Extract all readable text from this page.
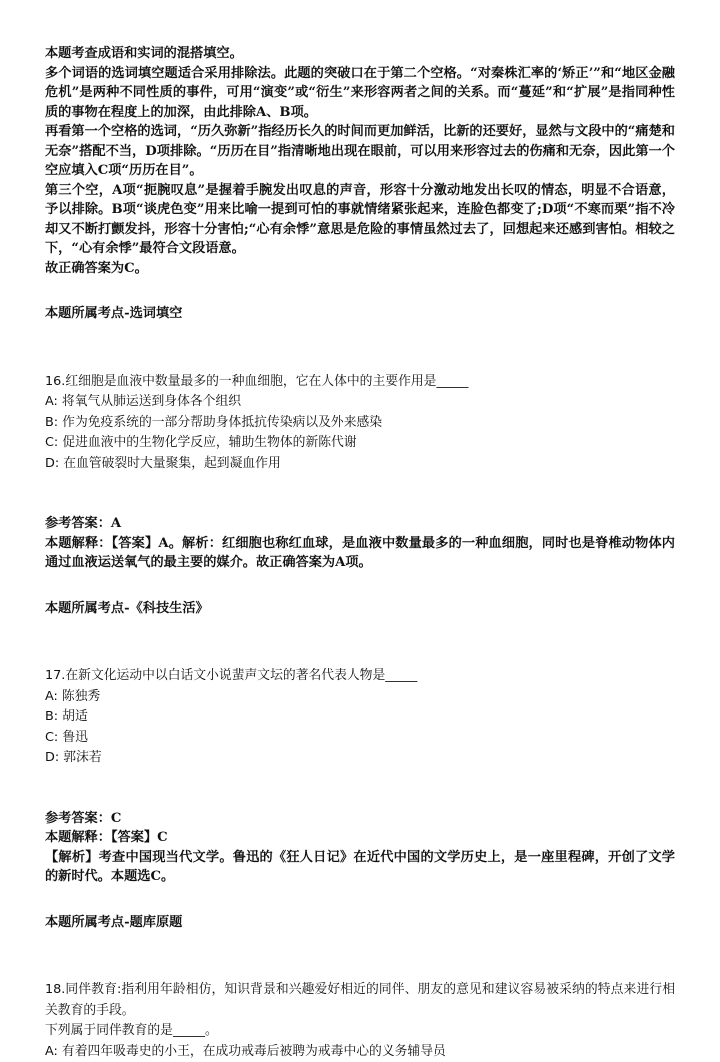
本题考查成语和实词的混搭填空。

多个词语的选词填空题适合采用排除法。此题的突破口在于第二个空格。“对秦株汇率的‘矫正’”和“地区金融危机”是两种不同性质的事件，可用“演变”或“衍生”来形容两者之间的关系。而“蔓延”和“扩展”是指同种性质的事物在程度上的加深，由此排除A、B项。

再看第一个空格的选词，“历久弥新”指经历长久的时间而更加鲜活，比新的还要好，显然与文段中的“痛楚和无奈”搭配不当，D项排除。“历历在目”指清晰地出现在眼前，可以用来形容过去的伤痛和无奈，因此第一个空应填入C项“历历在目”。

第三个空，A项“扼腕叹息”是握着手腕发出叹息的声音，形容十分激动地发出长叹的情态，明显不合语意，予以排除。B项“谈虎色变”用来比喻一提到可怕的事就情绪紧张起来，连脸色都变了;D项“不寒而栗”指不冷却又不断打颤发抖，形容十分害怕;“心有余悸”意思是危险的事情虽然过去了，回想起来还感到害怕。相较之下，“心有余悸”最符合文段语意。

故正确答案为C。

本题所属考点-选词填空

16.红细胞是血液中数量最多的一种血细胞，它在人体中的主要作用是_____

A: 将氧气从肺运送到身体各个组织

B: 作为免疫系统的一部分帮助身体抵抗传染病以及外来感染

C: 促进血液中的生物化学反应，辅助生物体的新陈代谢

D: 在血管破裂时大量聚集，起到凝血作用

参考答案：A

本题解释：【答案】A。解析：红细胞也称红血球，是血液中数量最多的一种血细胞，同时也是脊椎动物体内通过血液运送氧气的最主要的媒介。故正确答案为A项。

本题所属考点-《科技生活》

17.在新文化运动中以白话文小说蜚声文坛的著名代表人物是_____

A: 陈独秀

B: 胡适

C: 鲁迅

D: 郭沫若

参考答案：C

本题解释：【答案】C

【解析】考查中国现当代文学。鲁迅的《狂人日记》在近代中国的文学历史上，是一座里程碑，开创了文学的新时代。本题选C。

本题所属考点-题库原题

18.同伴教育:指利用年龄相仿，知识背景和兴趣爱好相近的同伴、朋友的意见和建议容易被采纳的特点来进行相关教育的手段。

下列属于同伴教育的是_____。

A: 有着四年吸毒史的小王，在成功戒毒后被聘为戒毒中心的义务辅导员
